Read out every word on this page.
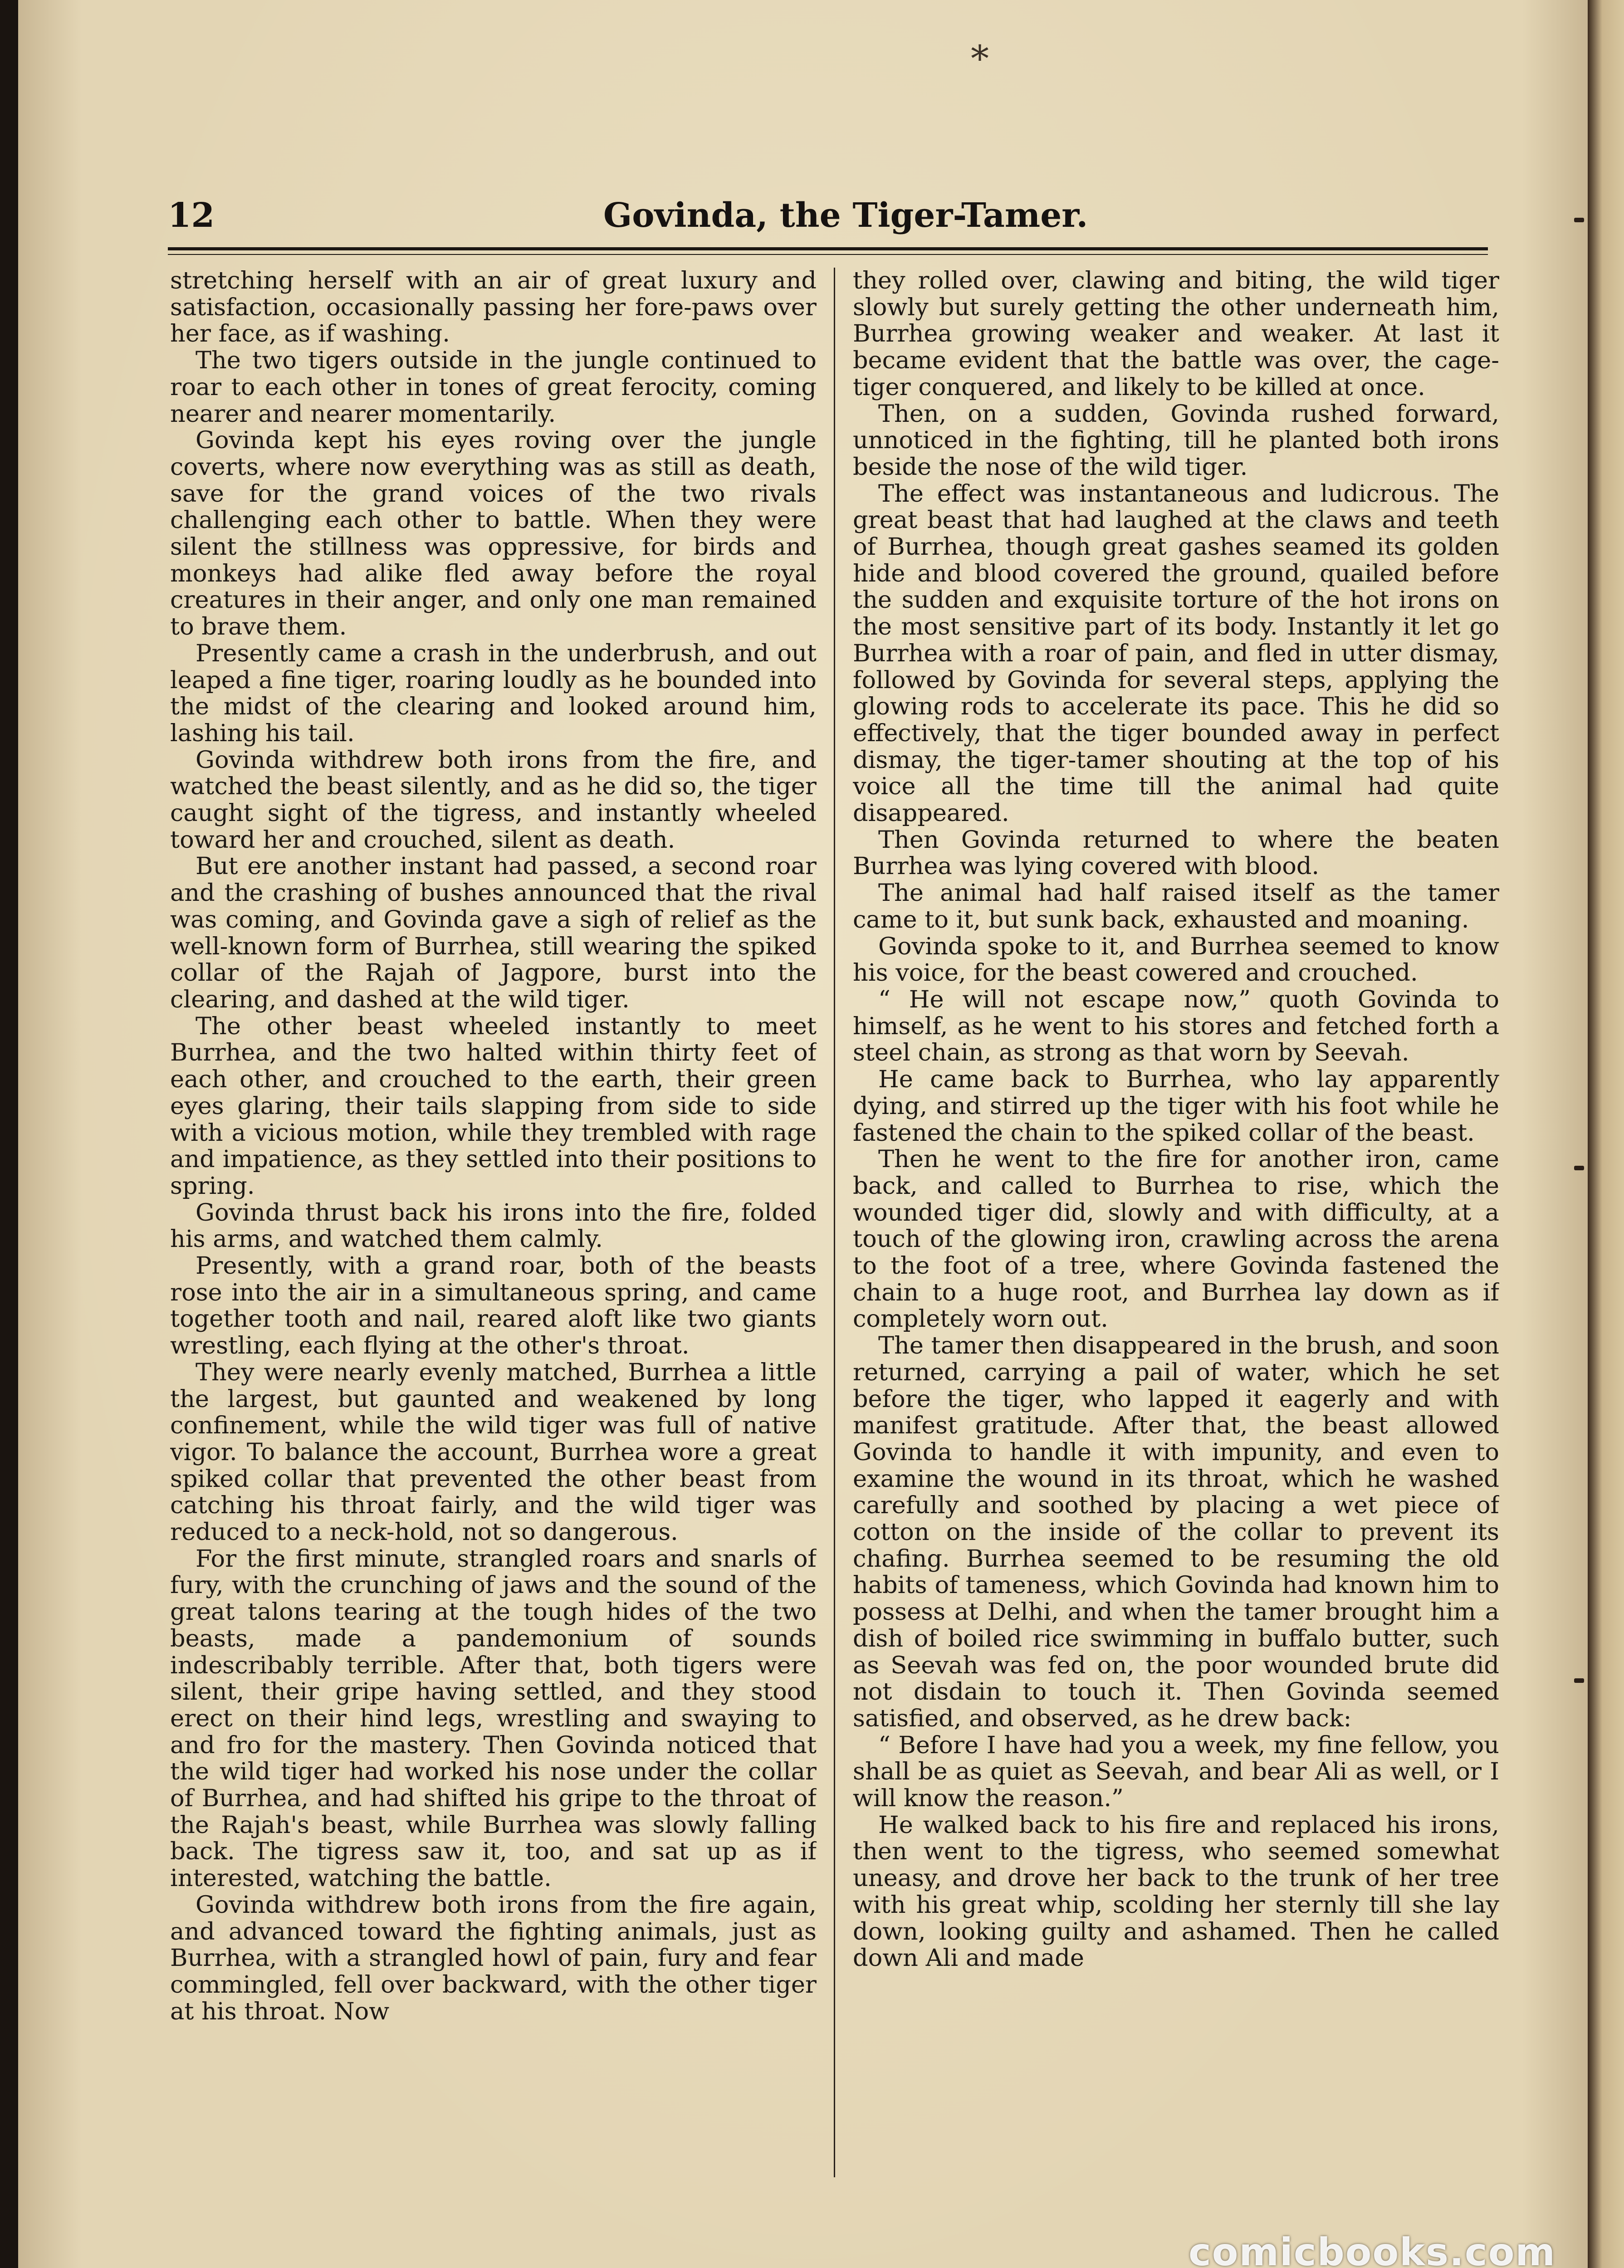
*
12	Govinda, the Tiger-Tamer.

stretching herself with an air of great luxury and satisfaction, occasionally passing her fore-paws over her face, as if washing.

The two tigers outside in the jungle continued to roar to each other in tones of great ferocity, coming nearer and nearer momentarily.

Govinda kept his eyes roving over the jungle coverts, where now everything was as still as death, save for the grand voices of the two rivals challenging each other to battle. When they were silent the stillness was oppressive, for birds and monkeys had alike fled away before the royal creatures in their anger, and only one man remained to brave them.

Presently came a crash in the underbrush, and out leaped a fine tiger, roaring loudly as he bounded into the midst of the clearing and looked around him, lashing his tail.

Govinda withdrew both irons from the fire, and watched the beast silently, and as he did so, the tiger caught sight of the tigress, and instantly wheeled toward her and crouched, silent as death.

But ere another instant had passed, a second roar and the crashing of bushes announced that the rival was coming, and Govinda gave a sigh of relief as the well-known form of Burrhea, still wearing the spiked collar of the Rajah of Jagpore, burst into the clearing, and dashed at the wild tiger.

The other beast wheeled instantly to meet Burrhea, and the two halted within thirty feet of each other, and crouched to the earth, their green eyes glaring, their tails slapping from side to side with a vicious motion, while they trembled with rage and impatience, as they settled into their positions to spring.

Govinda thrust back his irons into the fire, folded his arms, and watched them calmly.

Presently, with a grand roar, both of the beasts rose into the air in a simultaneous spring, and came together tooth and nail, reared aloft like two giants wrestling, each flying at the other's throat.

They were nearly evenly matched, Burrhea a little the largest, but gaunted and weakened by long confinement, while the wild tiger was full of native vigor. To balance the account, Burrhea wore a great spiked collar that prevented the other beast from catching his throat fairly, and the wild tiger was reduced to a neck-hold, not so dangerous.

For the first minute, strangled roars and snarls of fury, with the crunching of jaws and the sound of the great talons tearing at the tough hides of the two beasts, made a pandemonium of sounds indescribably terrible. After that, both tigers were silent, their gripe having settled, and they stood erect on their hind legs, wrestling and swaying to and fro for the mastery. Then Govinda noticed that the wild tiger had worked his nose under the collar of Burrhea, and had shifted his gripe to the throat of the Rajah's beast, while Burrhea was slowly falling back. The tigress saw it, too, and sat up as if interested, watching the battle.

Govinda withdrew both irons from the fire again, and advanced toward the fighting animals, just as Burrhea, with a strangled howl of pain, fury and fear commingled, fell over backward, with the other tiger at his throat. Now

they rolled over, clawing and biting, the wild tiger slowly but surely getting the other underneath him, Burrhea growing weaker and weaker. At last it became evident that the battle was over, the cage-tiger conquered, and likely to be killed at once.

Then, on a sudden, Govinda rushed forward, unnoticed in the fighting, till he planted both irons beside the nose of the wild tiger.

The effect was instantaneous and ludicrous. The great beast that had laughed at the claws and teeth of Burrhea, though great gashes seamed its golden hide and blood covered the ground, quailed before the sudden and exquisite torture of the hot irons on the most sensitive part of its body. Instantly it let go Burrhea with a roar of pain, and fled in utter dismay, followed by Govinda for several steps, applying the glowing rods to accelerate its pace. This he did so effectively, that the tiger bounded away in perfect dismay, the tiger-tamer shouting at the top of his voice all the time till the animal had quite disappeared.

Then Govinda returned to where the beaten Burrhea was lying covered with blood.

The animal had half raised itself as the tamer came to it, but sunk back, exhausted and moaning.

Govinda spoke to it, and Burrhea seemed to know his voice, for the beast cowered and crouched.

“ He will not escape now,” quoth Govinda to himself, as he went to his stores and fetched forth a steel chain, as strong as that worn by Seevah.

He came back to Burrhea, who lay apparently dying, and stirred up the tiger with his foot while he fastened the chain to the spiked collar of the beast.

Then he went to the fire for another iron, came back, and called to Burrhea to rise, which the wounded tiger did, slowly and with difficulty, at a touch of the glowing iron, crawling across the arena to the foot of a tree, where Govinda fastened the chain to a huge root, and Burrhea lay down as if completely worn out.

The tamer then disappeared in the brush, and soon returned, carrying a pail of water, which he set before the tiger, who lapped it eagerly and with manifest gratitude. After that, the beast allowed Govinda to handle it with impunity, and even to examine the wound in its throat, which he washed carefully and soothed by placing a wet piece of cotton on the inside of the collar to prevent its chafing. Burrhea seemed to be resuming the old habits of tameness, which Govinda had known him to possess at Delhi, and when the tamer brought him a dish of boiled rice swimming in buffalo butter, such as Seevah was fed on, the poor wounded brute did not disdain to touch it. Then Govinda seemed satisfied, and observed, as he drew back:

“ Before I have had you a week, my fine fellow, you shall be as quiet as Seevah, and bear Ali as well, or I will know the reason.”

He walked back to his fire and replaced his irons, then went to the tigress, who seemed somewhat uneasy, and drove her back to the trunk of her tree with his great whip, scolding her sternly till she lay down, looking guilty and ashamed. Then he called down Ali and made

comicbooks.com
